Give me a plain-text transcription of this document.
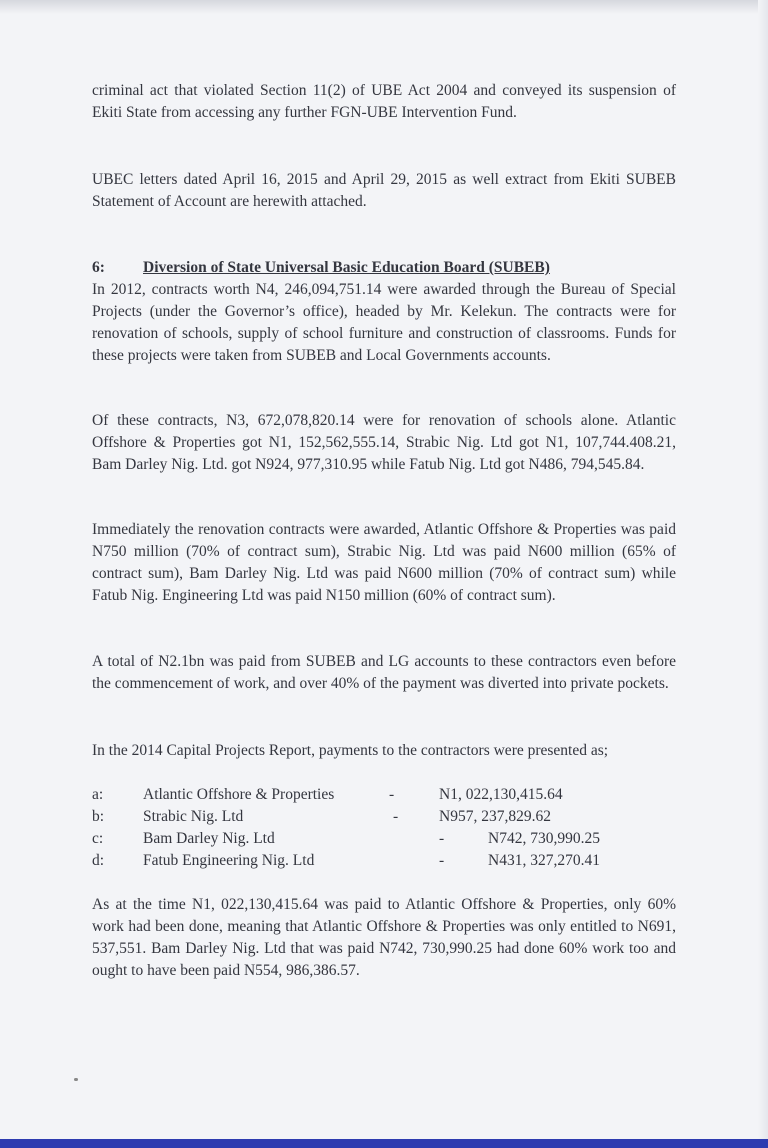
criminal act that violated Section 11(2) of UBE Act 2004 and conveyed its suspension of Ekiti State from accessing any further FGN-UBE Intervention Fund.

UBEC letters dated April 16, 2015 and April 29, 2015 as well extract from Ekiti SUBEB Statement of Account are herewith attached.

6: Diversion of State Universal Basic Education Board (SUBEB)

In 2012, contracts worth N4, 246,094,751.14 were awarded through the Bureau of Special Projects (under the Governor’s office), headed by Mr. Kelekun. The contracts were for renovation of schools, supply of school furniture and construction of classrooms. Funds for these projects were taken from SUBEB and Local Governments accounts.

Of these contracts, N3, 672,078,820.14 were for renovation of schools alone. Atlantic Offshore & Properties got N1, 152,562,555.14, Strabic Nig. Ltd got N1, 107,744.408.21, Bam Darley Nig. Ltd. got N924, 977,310.95 while Fatub Nig. Ltd got N486, 794,545.84.

Immediately the renovation contracts were awarded, Atlantic Offshore & Properties was paid N750 million (70% of contract sum), Strabic Nig. Ltd was paid N600 million (65% of contract sum), Bam Darley Nig. Ltd was paid N600 million (70% of contract sum) while Fatub Nig. Engineering Ltd was paid N150 million (60% of contract sum).

A total of N2.1bn was paid from SUBEB and LG accounts to these contractors even before the commencement of work, and over 40% of the payment was diverted into private pockets.

In the 2014 Capital Projects Report, payments to the contractors were presented as;

a:	Atlantic Offshore & Properties	-	N1, 022,130,415.64
b:	Strabic Nig. Ltd	-	N957, 237,829.62
c:	Bam Darley Nig. Ltd	-	N742, 730,990.25
d:	Fatub Engineering Nig. Ltd	-	N431, 327,270.41

As at the time N1, 022,130,415.64 was paid to Atlantic Offshore & Properties, only 60% work had been done, meaning that Atlantic Offshore & Properties was only entitled to N691, 537,551. Bam Darley Nig. Ltd that was paid N742, 730,990.25 had done 60% work too and ought to have been paid N554, 986,386.57.
